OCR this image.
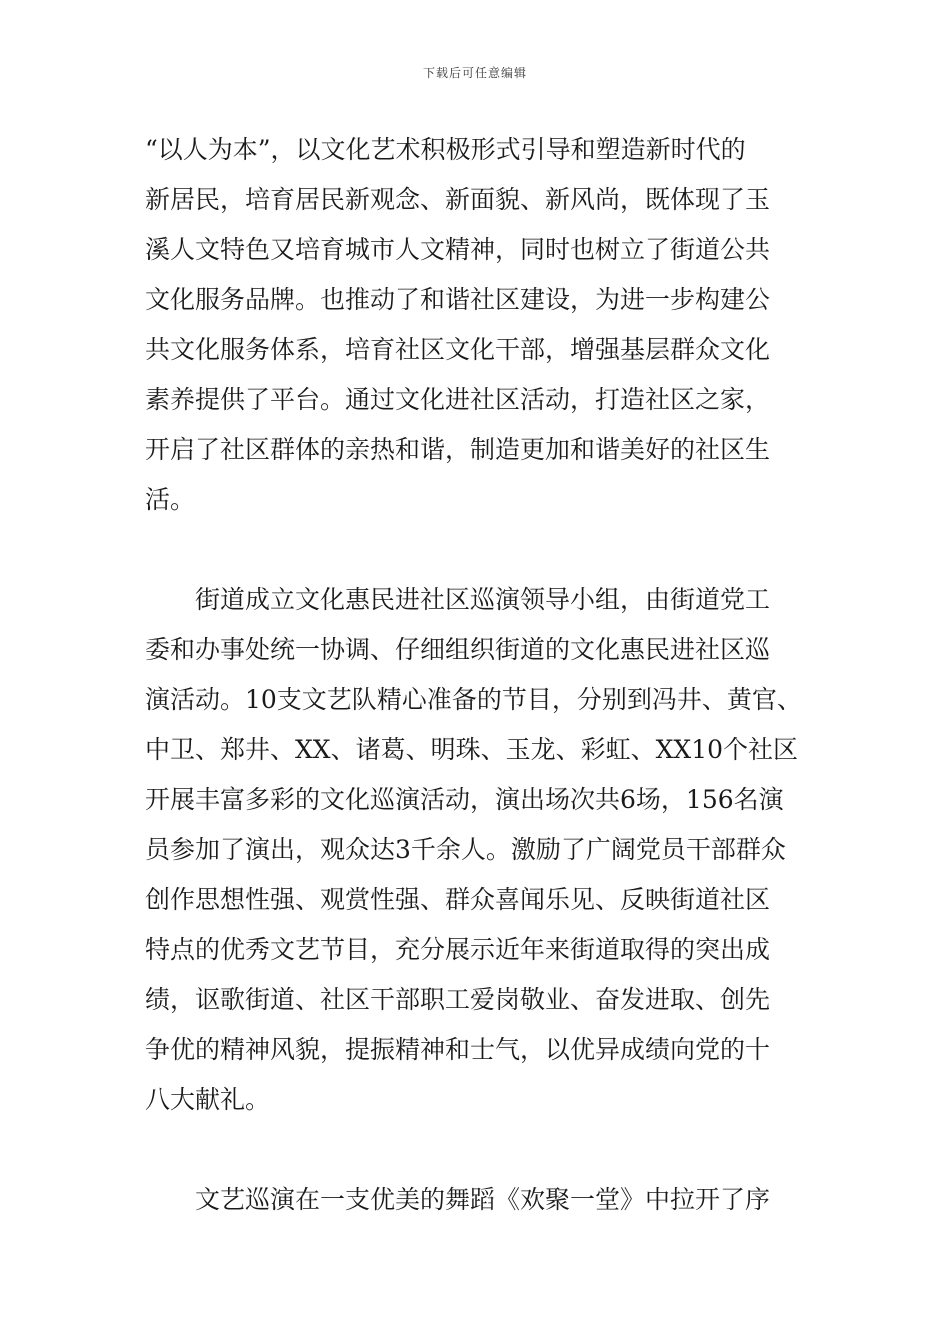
下载后可任意编辑
“以人为本”，以文化艺术积极形式引导和塑造新时代的
新居民，培育居民新观念、新面貌、新风尚，既体现了玉
溪人文特色又培育城市人文精神，同时也树立了街道公共
文化服务品牌。也推动了和谐社区建设，为进一步构建公
共文化服务体系，培育社区文化干部，增强基层群众文化
素养提供了平台。通过文化进社区活动，打造社区之家，
开启了社区群体的亲热和谐，制造更加和谐美好的社区生
活。
　　街道成立文化惠民进社区巡演领导小组，由街道党工
委和办事处统一协调、仔细组织街道的文化惠民进社区巡
演活动。10支文艺队精心准备的节目，分别到冯井、黄官、
中卫、郑井、XX、诸葛、明珠、玉龙、彩虹、XX10个社区
开展丰富多彩的文化巡演活动，演出场次共6场，156名演
员参加了演出，观众达3千余人。激励了广阔党员干部群众
创作思想性强、观赏性强、群众喜闻乐见、反映街道社区
特点的优秀文艺节目，充分展示近年来街道取得的突出成
绩，讴歌街道、社区干部职工爱岗敬业、奋发进取、创先
争优的精神风貌，提振精神和士气，以优异成绩向党的十
八大献礼。
　　文艺巡演在一支优美的舞蹈《欢聚一堂》中拉开了序
